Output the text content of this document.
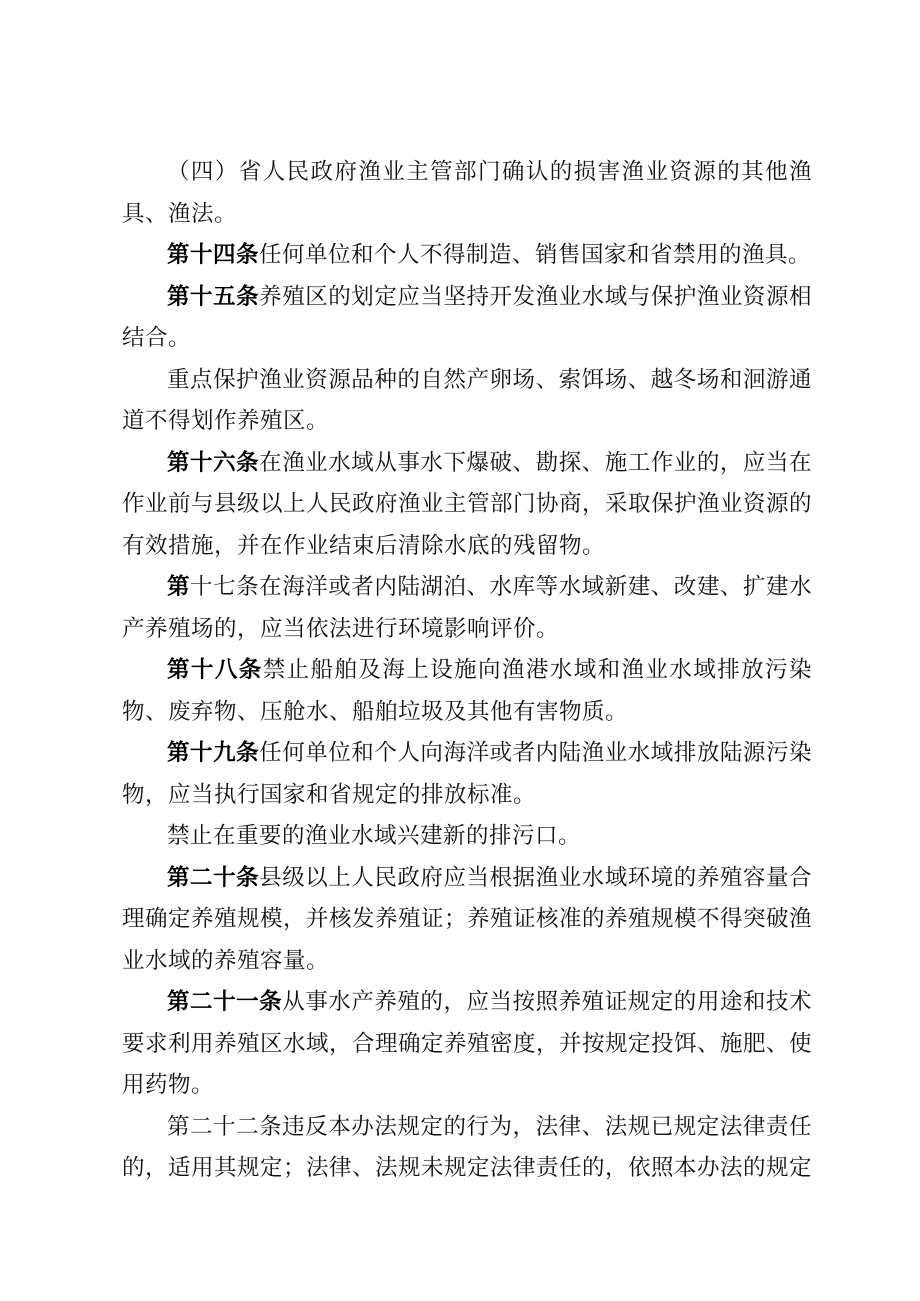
（四）省人民政府渔业主管部门确认的损害渔业资源的其他渔具、渔法。

第十四条任何单位和个人不得制造、销售国家和省禁用的渔具。

第十五条养殖区的划定应当坚持开发渔业水域与保护渔业资源相结合。

重点保护渔业资源品种的自然产卵场、索饵场、越冬场和洄游通道不得划作养殖区。

第十六条在渔业水域从事水下爆破、勘探、施工作业的，应当在作业前与县级以上人民政府渔业主管部门协商，采取保护渔业资源的有效措施，并在作业结束后清除水底的残留物。

第十七条在海洋或者内陆湖泊、水库等水域新建、改建、扩建水产养殖场的，应当依法进行环境影响评价。

第十八条禁止船舶及海上设施向渔港水域和渔业水域排放污染物、废弃物、压舱水、船舶垃圾及其他有害物质。

第十九条任何单位和个人向海洋或者内陆渔业水域排放陆源污染物，应当执行国家和省规定的排放标准。

禁止在重要的渔业水域兴建新的排污口。

第二十条县级以上人民政府应当根据渔业水域环境的养殖容量合理确定养殖规模，并核发养殖证；养殖证核准的养殖规模不得突破渔业水域的养殖容量。

第二十一条从事水产养殖的，应当按照养殖证规定的用途和技术要求利用养殖区水域，合理确定养殖密度，并按规定投饵、施肥、使用药物。

第二十二条违反本办法规定的行为，法律、法规已规定法律责任的，适用其规定；法律、法规未规定法律责任的，依照本办法的规定
